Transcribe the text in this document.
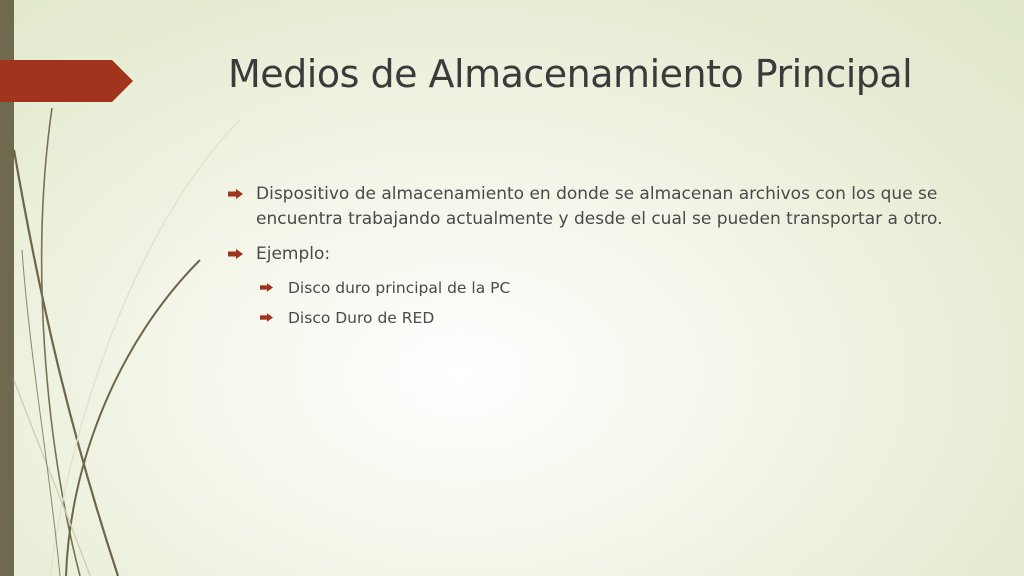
Medios de Almacenamiento Principal
Dispositivo de almacenamiento en donde se almacenan archivos con los que se encuentra trabajando actualmente y desde el cual se pueden transportar a otro.
Ejemplo:
Disco duro principal de la PC
Disco Duro de RED
